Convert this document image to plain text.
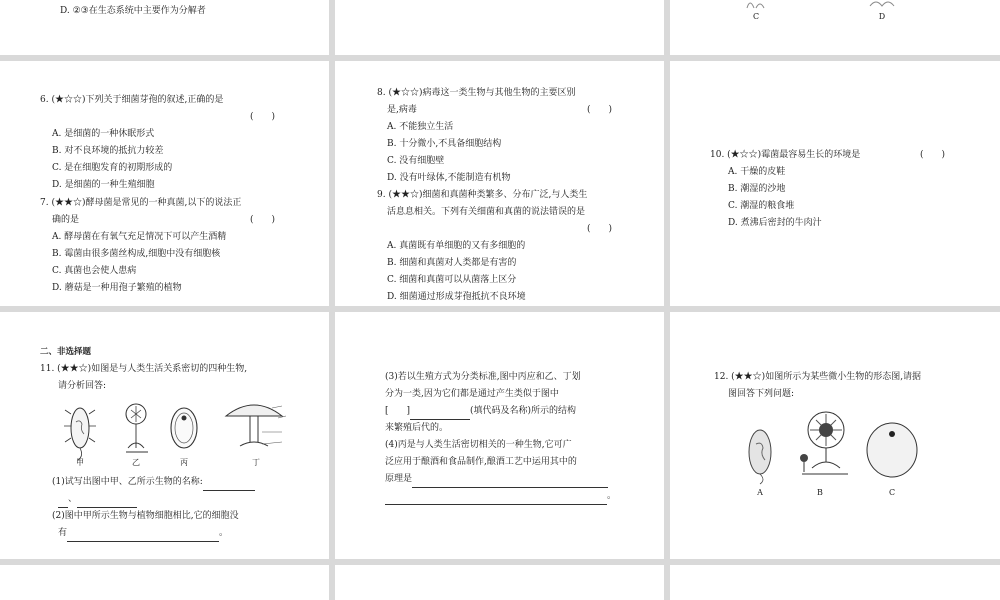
D. ②③在生态系统中主要作为分解者
C	D
6. (★☆☆)下列关于细菌芽孢的叙述,正确的是
(　　)
A. 是细菌的一种休眠形式
B. 对不良环境的抵抗力较差
C. 是在细胞发育的初期形成的
D. 是细菌的一种生殖细胞
7. (★★☆)酵母菌是常见的一种真菌,以下的说法正
确的是	(　　)
A. 酵母菌在有氧气充足情况下可以产生酒精
B. 霉菌由很多菌丝构成,细胞中没有细胞核
C. 真菌也会使人患病
D. 蘑菇是一种用孢子繁殖的植物
8. (★☆☆)病毒这一类生物与其他生物的主要区别
是,病毒	(　　)
A. 不能独立生活
B. 十分微小,不具备细胞结构
C. 没有细胞壁
D. 没有叶绿体,不能制造有机物
9. (★★☆)细菌和真菌种类繁多、分布广泛,与人类生
活息息相关。下列有关细菌和真菌的说法错误的是
(　　)
A. 真菌既有单细胞的又有多细胞的
B. 细菌和真菌对人类都是有害的
C. 细菌和真菌可以从菌落上区分
D. 细菌通过形成芽孢抵抗不良环境
10. (★☆☆)霉菌最容易生长的环境是	(　　)
A. 干燥的皮鞋
B. 潮湿的沙地
C. 潮湿的粮食堆
D. 煮沸后密封的牛肉汁
二、非选择题
11. (★★☆)如图是与人类生活关系密切的四种生物,
请分析回答:
甲	乙	丙	丁
(1)试写出图中甲、乙所示生物的名称:
、
(2)图中甲所示生物与植物细胞相比,它的细胞没
有	。
(3)若以生殖方式为分类标准,图中丙应和乙、丁划
分为一类,因为它们都是通过产生类似于图中
[　　]	(填代码及名称)所示的结构
来繁殖后代的。
(4)丙是与人类生活密切相关的一种生物,它可广
泛应用于酿酒和食品制作,酿酒工艺中运用其中的
原理是
。
12. (★★☆)如图所示为某些微小生物的形态图,请据
图回答下列问题:
A	B	C
